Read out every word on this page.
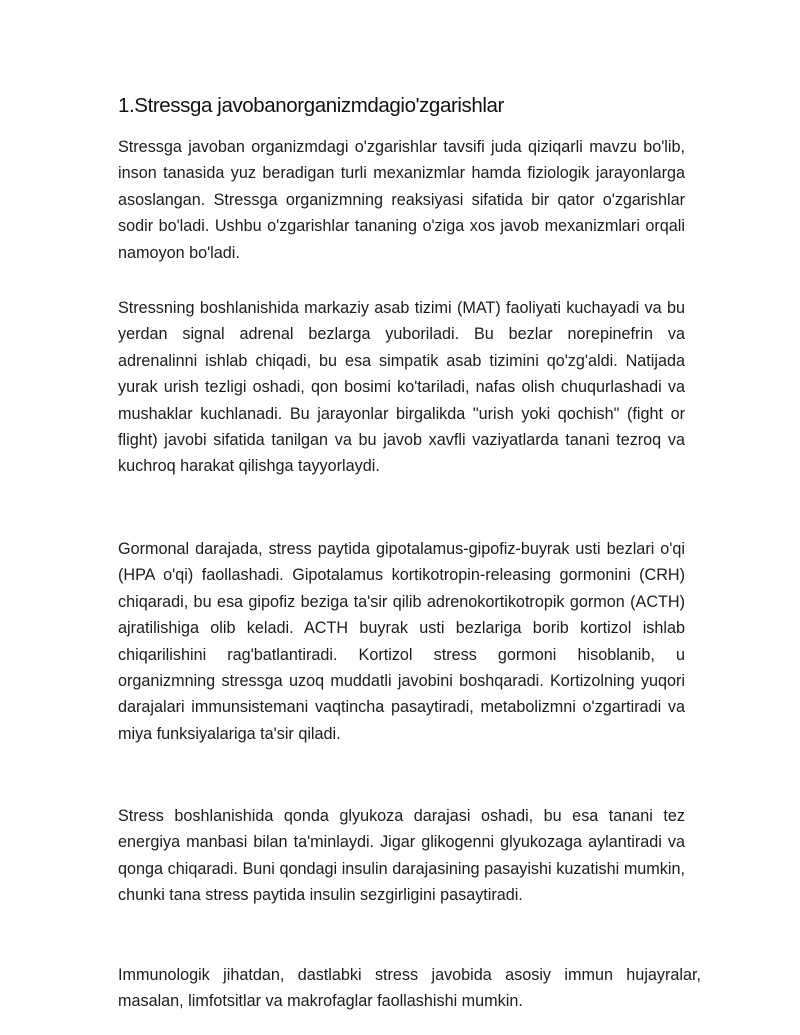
1.Stressga javobanorganizmdagio'zgarishlar

Stressga javoban organizmdagi o'zgarishlar tavsifi juda qiziqarli mavzu bo'lib, inson tanasida yuz beradigan turli mexanizmlar hamda fiziologik jarayonlarga asoslangan. Stressga organizmning reaksiyasi sifatida bir qator o'zgarishlar sodir bo'ladi. Ushbu o'zgarishlar tananing o'ziga xos javob mexanizmlari orqali namoyon bo'ladi.

Stressning boshlanishida markaziy asab tizimi (MAT) faoliyati kuchayadi va bu yerdan signal adrenal bezlarga yuboriladi. Bu bezlar norepinefrin va adrenalinni ishlab chiqadi, bu esa simpatik asab tizimini qo'zg'aldi. Natijada yurak urish tezligi oshadi, qon bosimi ko'tariladi, nafas olish chuqurlashadi va mushaklar kuchlanadi. Bu jarayonlar birgalikda "urish yoki qochish" (fight or flight) javobi sifatida tanilgan va bu javob xavfli vaziyatlarda tanani tezroq va kuchroq harakat qilishga tayyorlaydi.

Gormonal darajada, stress paytida gipotalamus-gipofiz-buyrak usti bezlari o'qi (HPA o'qi) faollashadi. Gipotalamus kortikotropin-releasing gormonini (CRH) chiqaradi, bu esa gipofiz beziga ta'sir qilib adrenokortikotropik gormon (ACTH) ajratilishiga olib keladi. ACTH buyrak usti bezlariga borib kortizol ishlab chiqarilishini rag'batlantiradi. Kortizol stress gormoni hisoblanib, u organizmning stressga uzoq muddatli javobini boshqaradi. Kortizolning yuqori darajalari immunsistemani vaqtincha pasaytiradi, metabolizmni o'zgartiradi va miya funksiyalariga ta'sir qiladi.

Stress boshlanishida qonda glyukoza darajasi oshadi, bu esa tanani tez energiya manbasi bilan ta'minlaydi. Jigar glikogenni glyukozaga aylantiradi va qonga chiqaradi. Buni qondagi insulin darajasining pasayishi kuzatishi mumkin, chunki tana stress paytida insulin sezgirligini pasaytiradi.

Immunologik jihatdan, dastlabki stress javobida asosiy immun hujayralar, masalan, limfotsitlar va makrofaglar faollashishi mumkin.
